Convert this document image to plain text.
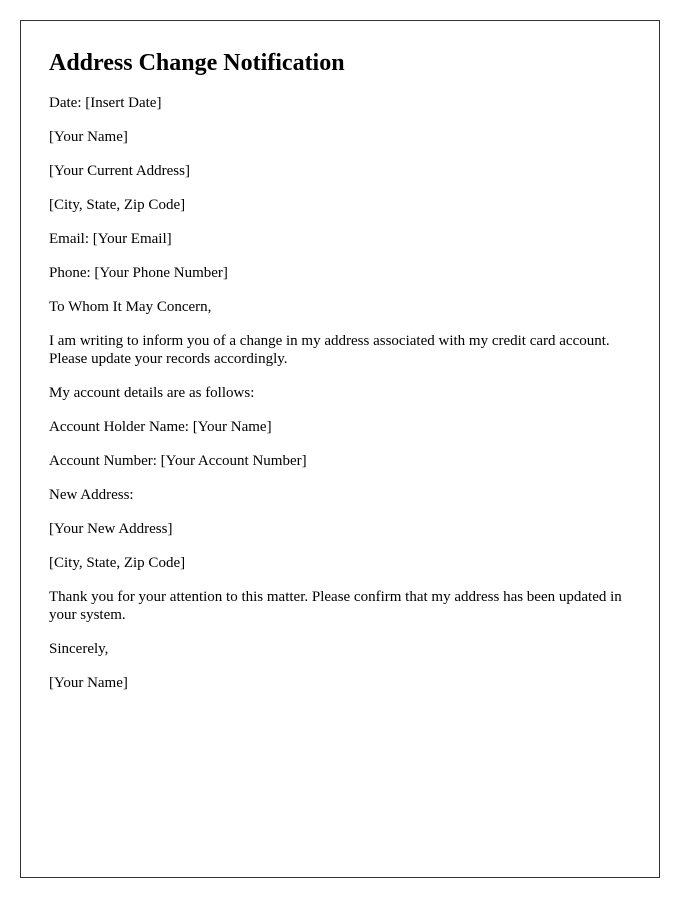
Address Change Notification

Date: [Insert Date]

[Your Name]

[Your Current Address]

[City, State, Zip Code]

Email: [Your Email]

Phone: [Your Phone Number]

To Whom It May Concern,

I am writing to inform you of a change in my address associated with my credit card account. Please update your records accordingly.

My account details are as follows:

Account Holder Name: [Your Name]

Account Number: [Your Account Number]

New Address:

[Your New Address]

[City, State, Zip Code]

Thank you for your attention to this matter. Please confirm that my address has been updated in your system.

Sincerely,

[Your Name]
